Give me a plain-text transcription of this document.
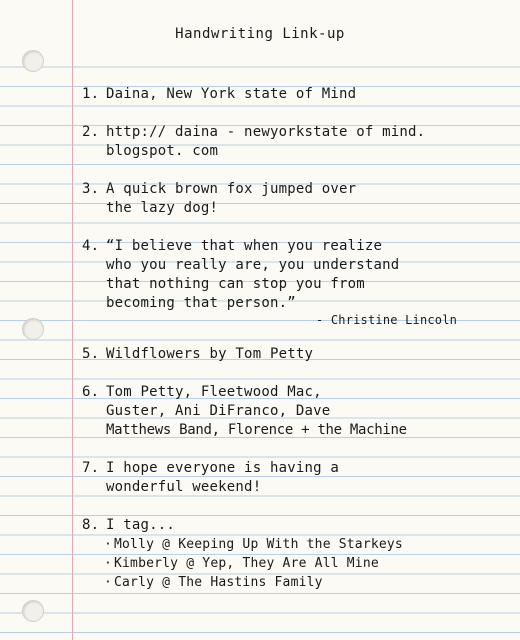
Handwriting Link-up
1. Daina, New York state of Mind
2. http:// daina - newyorkstate of mind.
blogspot. com
3. A quick brown fox jumped over
the lazy dog!
4. “I believe that when you realize
who you really are, you understand
that nothing can stop you from
becoming that person.”
- Christine Lincoln
5. Wildflowers by Tom Petty
6. Tom Petty, Fleetwood Mac,
Guster, Ani DiFranco, Dave
Matthews Band, Florence + the Machine
7. I hope everyone is having a
wonderful weekend!
8. I tag...
· Molly @ Keeping Up With the Starkeys
· Kimberly @ Yep, They Are All Mine
· Carly @ The Hastins Family
